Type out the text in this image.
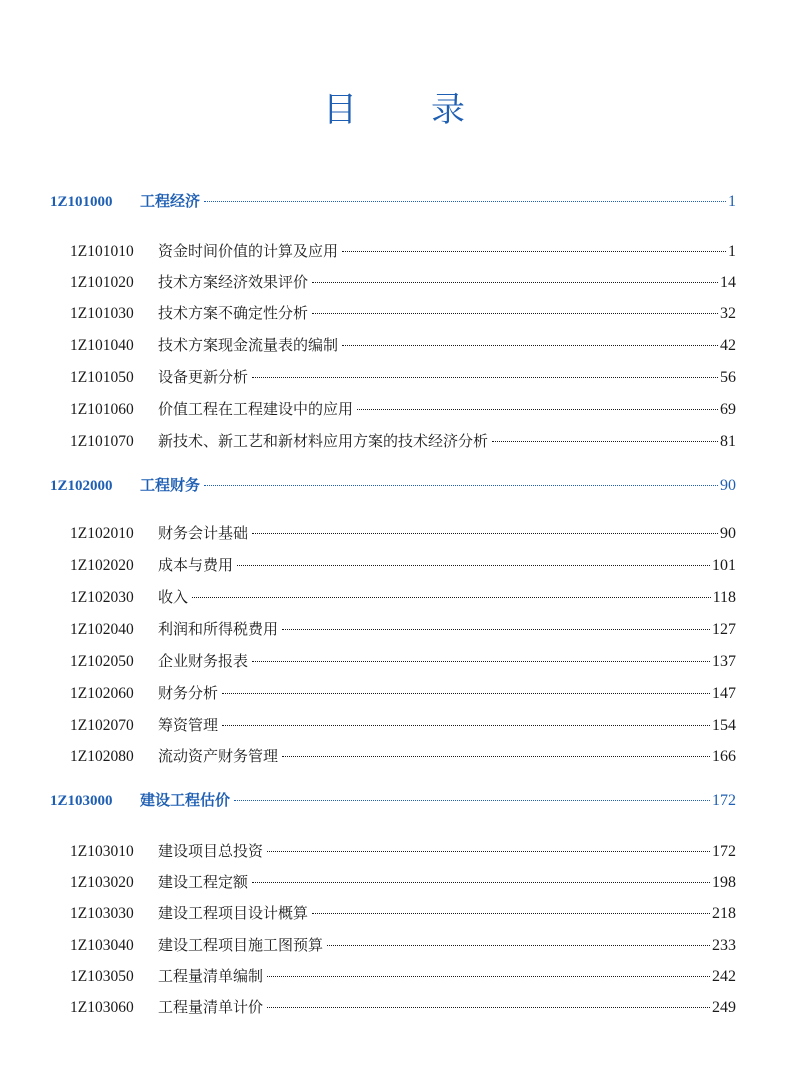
目 录
1Z101000	工程经济	1
1Z101010	资金时间价值的计算及应用	1
1Z101020	技术方案经济效果评价	14
1Z101030	技术方案不确定性分析	32
1Z101040	技术方案现金流量表的编制	42
1Z101050	设备更新分析	56
1Z101060	价值工程在工程建设中的应用	69
1Z101070	新技术、新工艺和新材料应用方案的技术经济分析	81
1Z102000	工程财务	90
1Z102010	财务会计基础	90
1Z102020	成本与费用	101
1Z102030	收入	118
1Z102040	利润和所得税费用	127
1Z102050	企业财务报表	137
1Z102060	财务分析	147
1Z102070	筹资管理	154
1Z102080	流动资产财务管理	166
1Z103000	建设工程估价	172
1Z103010	建设项目总投资	172
1Z103020	建设工程定额	198
1Z103030	建设工程项目设计概算	218
1Z103040	建设工程项目施工图预算	233
1Z103050	工程量清单编制	242
1Z103060	工程量清单计价	249
